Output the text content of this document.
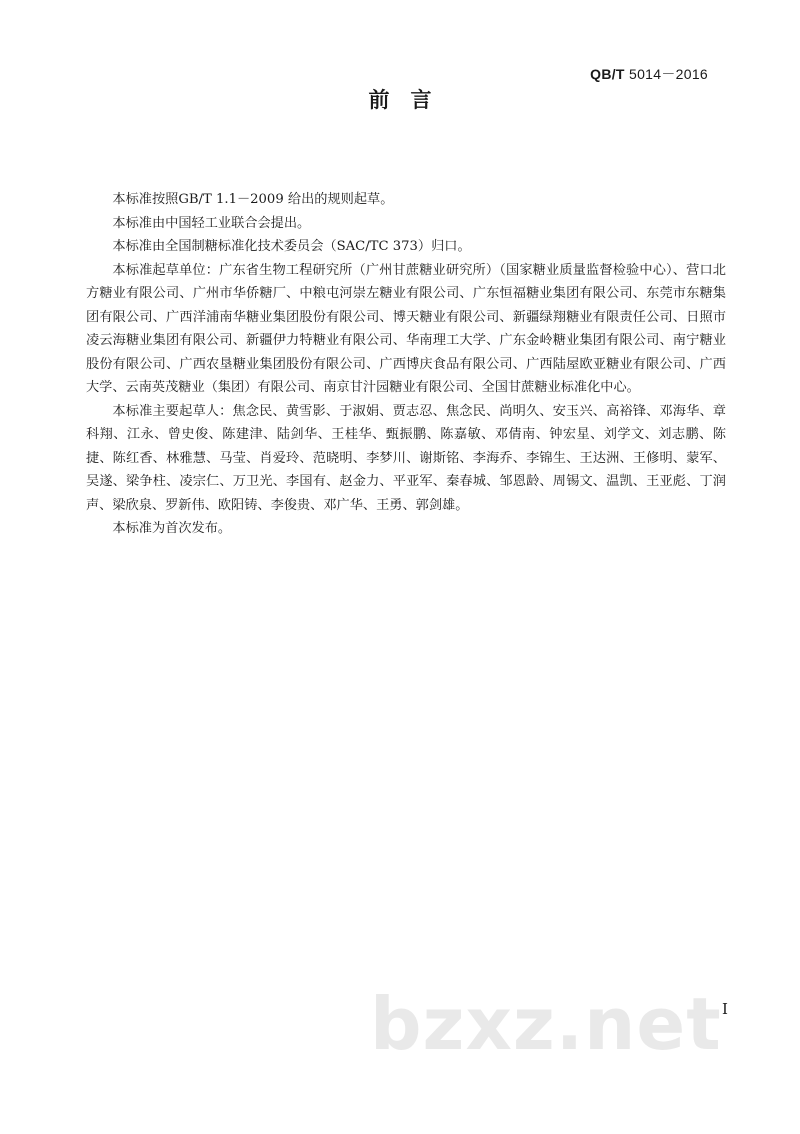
QB/T 5014－2016
前　言

本标准按照GB/T 1.1－2009 给出的规则起草。

本标准由中国轻工业联合会提出。

本标准由全国制糖标准化技术委员会（SAC/TC 373）归口。

本标准起草单位：广东省生物工程研究所（广州甘蔗糖业研究所）（国家糖业质量监督检验中心）、营口北方糖业有限公司、广州市华侨糖厂、中粮屯河崇左糖业有限公司、广东恒福糖业集团有限公司、东莞市东糖集团有限公司、广西洋浦南华糖业集团股份有限公司、博天糖业有限公司、新疆绿翔糖业有限责任公司、日照市凌云海糖业集团有限公司、新疆伊力特糖业有限公司、华南理工大学、广东金岭糖业集团有限公司、南宁糖业股份有限公司、广西农垦糖业集团股份有限公司、广西博庆食品有限公司、广西陆屋欧亚糖业有限公司、广西大学、云南英茂糖业（集团）有限公司、南京甘汁园糖业有限公司、全国甘蔗糖业标准化中心。

本标准主要起草人：焦念民、黄雪影、于淑娟、贾志忍、焦念民、尚明久、安玉兴、高裕锋、邓海华、章科翔、江永、曾史俊、陈建津、陆剑华、王桂华、甄振鹏、陈嘉敏、邓倩南、钟宏星、刘学文、刘志鹏、陈捷、陈红香、林雅慧、马莹、肖爱玲、范晓明、李梦川、谢斯铭、李海乔、李锦生、王达洲、王修明、蒙军、吴遂、梁争柱、凌宗仁、万卫光、李国有、赵金力、平亚军、秦春城、邹恩龄、周锡文、温凯、王亚彪、丁润声、梁欣泉、罗新伟、欧阳铸、李俊贵、邓广华、王勇、郭剑雄。

本标准为首次发布。

bzxz.net I
